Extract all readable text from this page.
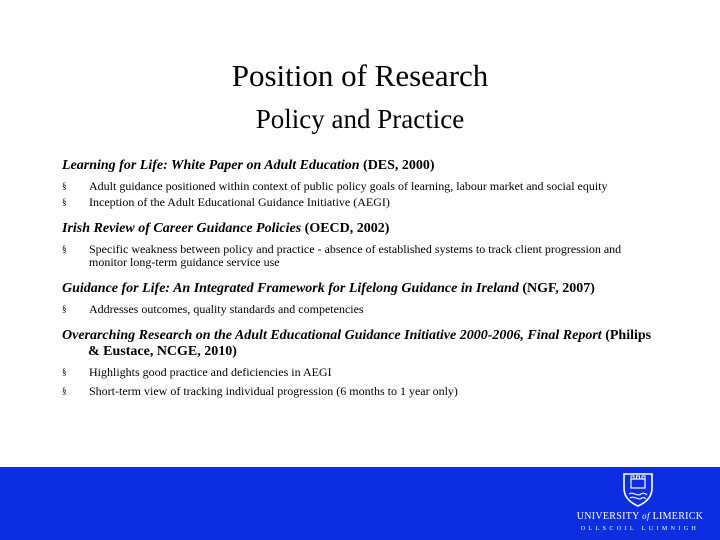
Position of Research
Policy and Practice

Learning for Life: White Paper on Adult Education (DES, 2000)

§ Adult guidance positioned within context of public policy goals of learning, labour market and social equity
§ Inception of the Adult Educational Guidance Initiative (AEGI)

Irish Review of Career Guidance Policies (OECD, 2002)

§ Specific weakness between policy and practice - absence of established systems to track client progression and monitor long-term guidance service use

Guidance for Life: An Integrated Framework for Lifelong Guidance in Ireland (NGF, 2007)

§ Addresses outcomes, quality standards and competencies

Overarching Research on the Adult Educational Guidance Initiative 2000-2006, Final Report (Philips & Eustace, NCGE, 2010)

§ Highlights good practice and deficiencies in AEGI
§ Short-term view of tracking individual progression (6 months to 1 year only)
UNIVERSITY of LIMERICK
OLLSCOIL LUIMNIGH
